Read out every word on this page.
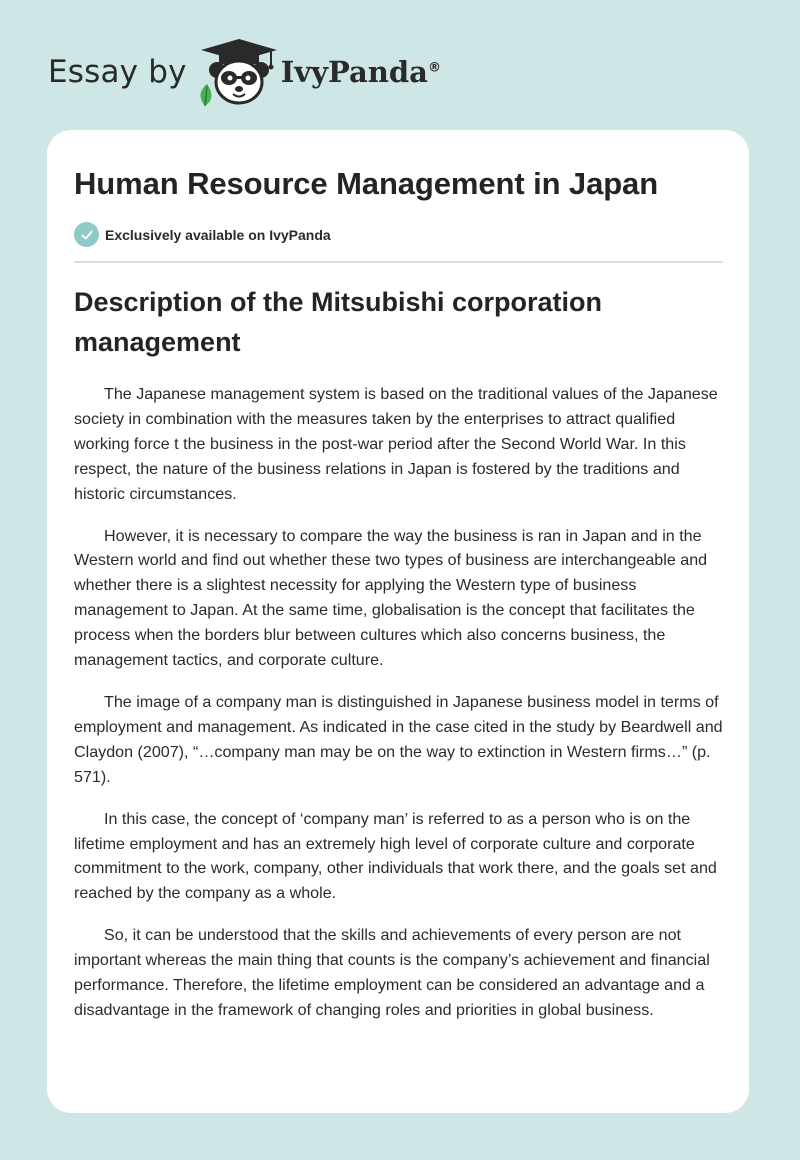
Essay by	IvyPanda®
Human Resource Management in Japan
Exclusively available on IvyPanda
Description of the Mitsubishi corporation management

The Japanese management system is based on the traditional values of the Japanese society in combination with the measures taken by the enterprises to attract qualified working force t the business in the post-war period after the Second World War. In this respect, the nature of the business relations in Japan is fostered by the traditions and historic circumstances.

However, it is necessary to compare the way the business is ran in Japan and in the Western world and find out whether these two types of business are interchangeable and whether there is a slightest necessity for applying the Western type of business management to Japan. At the same time, globalisation is the concept that facilitates the process when the borders blur between cultures which also concerns business, the management tactics, and corporate culture.

The image of a company man is distinguished in Japanese business model in terms of employment and management. As indicated in the case cited in the study by Beardwell and Claydon (2007), “…company man may be on the way to extinction in Western firms…” (p. 571).

In this case, the concept of ‘company man’ is referred to as a person who is on the lifetime employment and has an extremely high level of corporate culture and corporate commitment to the work, company, other individuals that work there, and the goals set and reached by the company as a whole.

So, it can be understood that the skills and achievements of every person are not important whereas the main thing that counts is the company’s achievement and financial performance. Therefore, the lifetime employment can be considered an advantage and a disadvantage in the framework of changing roles and priorities in global business.
